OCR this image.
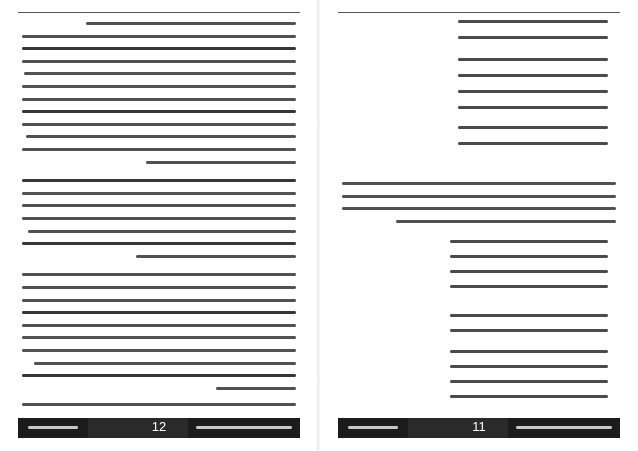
12	11
